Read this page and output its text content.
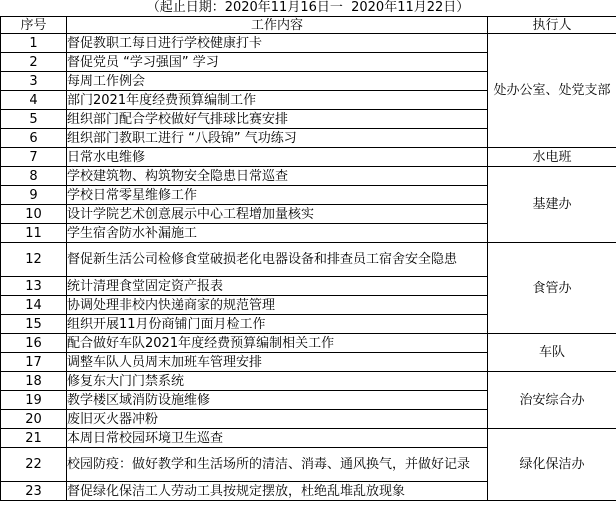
（起止日期：2020年11月16日一  2020年11月22日）
序号	工作内容	执行人
1	督促教职工每日进行学校健康打卡	处办公室、处党支部
2	督促党员 “学习强国” 学习	
3	每周工作例会	
4	部门2021年度经费预算编制工作	
5	组织部门配合学校做好气排球比赛安排	
6	组织部门教职工进行 “八段锦” 气功练习	
7	日常水电维修	水电班
8	学校建筑物、构筑物安全隐患日常巡查	基建办
9	学校日常零星维修工作	
10	设计学院艺术创意展示中心工程增加量核实	
11	学生宿舍防水补漏施工	
12	督促新生活公司检修食堂破损老化电器设备和排查员工宿舍安全隐患	食管办
13	统计清理食堂固定资产报表	
14	协调处理非校内快递商家的规范管理	
15	组织开展11月份商铺门面月检工作	
16	配合做好车队2021年度经费预算编制相关工作	车队
17	调整车队人员周末加班车管理安排	
18	修复东大门门禁系统	治安综合办
19	教学楼区域消防设施维修	
20	废旧灭火器冲粉	
21	本周日常校园环境卫生巡查	绿化保洁办
22	校园防疫：做好教学和生活场所的清洁、消毒、通风换气，并做好记录	
23	督促绿化保洁工人劳动工具按规定摆放，杜绝乱堆乱放现象	
